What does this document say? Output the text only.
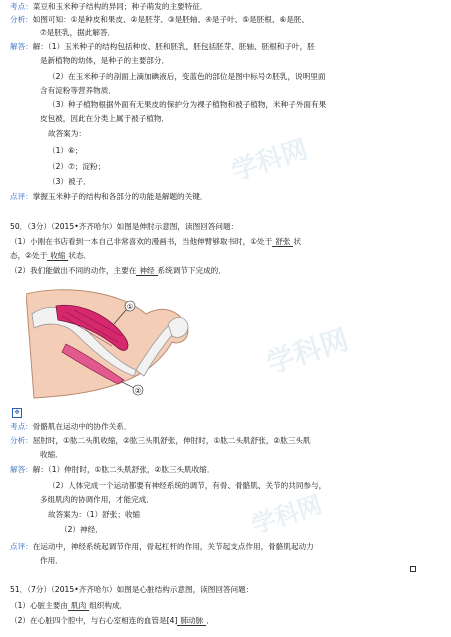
考点：菜豆和玉米种子结构的异同；种子萌发的主要特征．
分析：如图可知：①是种皮和果皮、②是胚芽、③是胚轴、④是子叶、⑤是胚根、⑥是胚、
⑦是胚乳，据此解答．
解答：解：（1）玉米种子的结构包括种皮、胚和胚乳，胚包括胚芽、胚轴、胚根和子叶，胚
是新植物的幼体，是种子的主要部分．
（2）在玉米种子的剖面上滴加碘液后，变蓝色的部位是图中标号⑦胚乳，说明里面
含有淀粉等营养物质．
（3）种子植物根据外面有无果皮的保护分为裸子植物和被子植物，米种子外面有果
皮包被，因此在分类上属于被子植物．
故答案为：
（1）⑥；
（2）⑦；淀粉；
（3）被子．
点评：掌握玉米种子的结构和各部分的功能是解题的关键．
50．（3分）（2015•齐齐哈尔）如图是伸肘示意图，读图回答问题：
（1）小刚在书店看到一本自己非常喜欢的漫画书，当他伸臂够取书时，①处于 舒张 状
态，②处于 收缩 状态．
（2）我们能做出不同的动作，主要在 神经 系统调节下完成的．
①
②
✥
考点：骨骼肌在运动中的协作关系．
分析：屈肘时，①肱二头肌收缩，②肱三头肌舒张，伸肘时，①肱二头肌舒张，②肱三头肌
收缩．
解答：解：（1）伸肘时，①肱二头肌舒张，②肱三头肌收缩．
（2）人体完成一个运动都要有神经系统的调节，有骨、骨骼肌、关节的共同参与，
多组肌肉的协调作用，才能完成．
故答案为：（1）舒张；收缩
（2）神经．
点评：在运动中，神经系统起调节作用，骨起杠杆的作用，关节起支点作用，骨骼肌起动力
作用．
51．（7分）（2015•齐齐哈尔）如图是心脏结构示意图，读图回答问题：
（1）心脏主要由 肌肉 组织构成．
（2）在心脏四个腔中，与右心室相连的血管是[4] 肺动脉 ．
学科网
学科网
学科网
